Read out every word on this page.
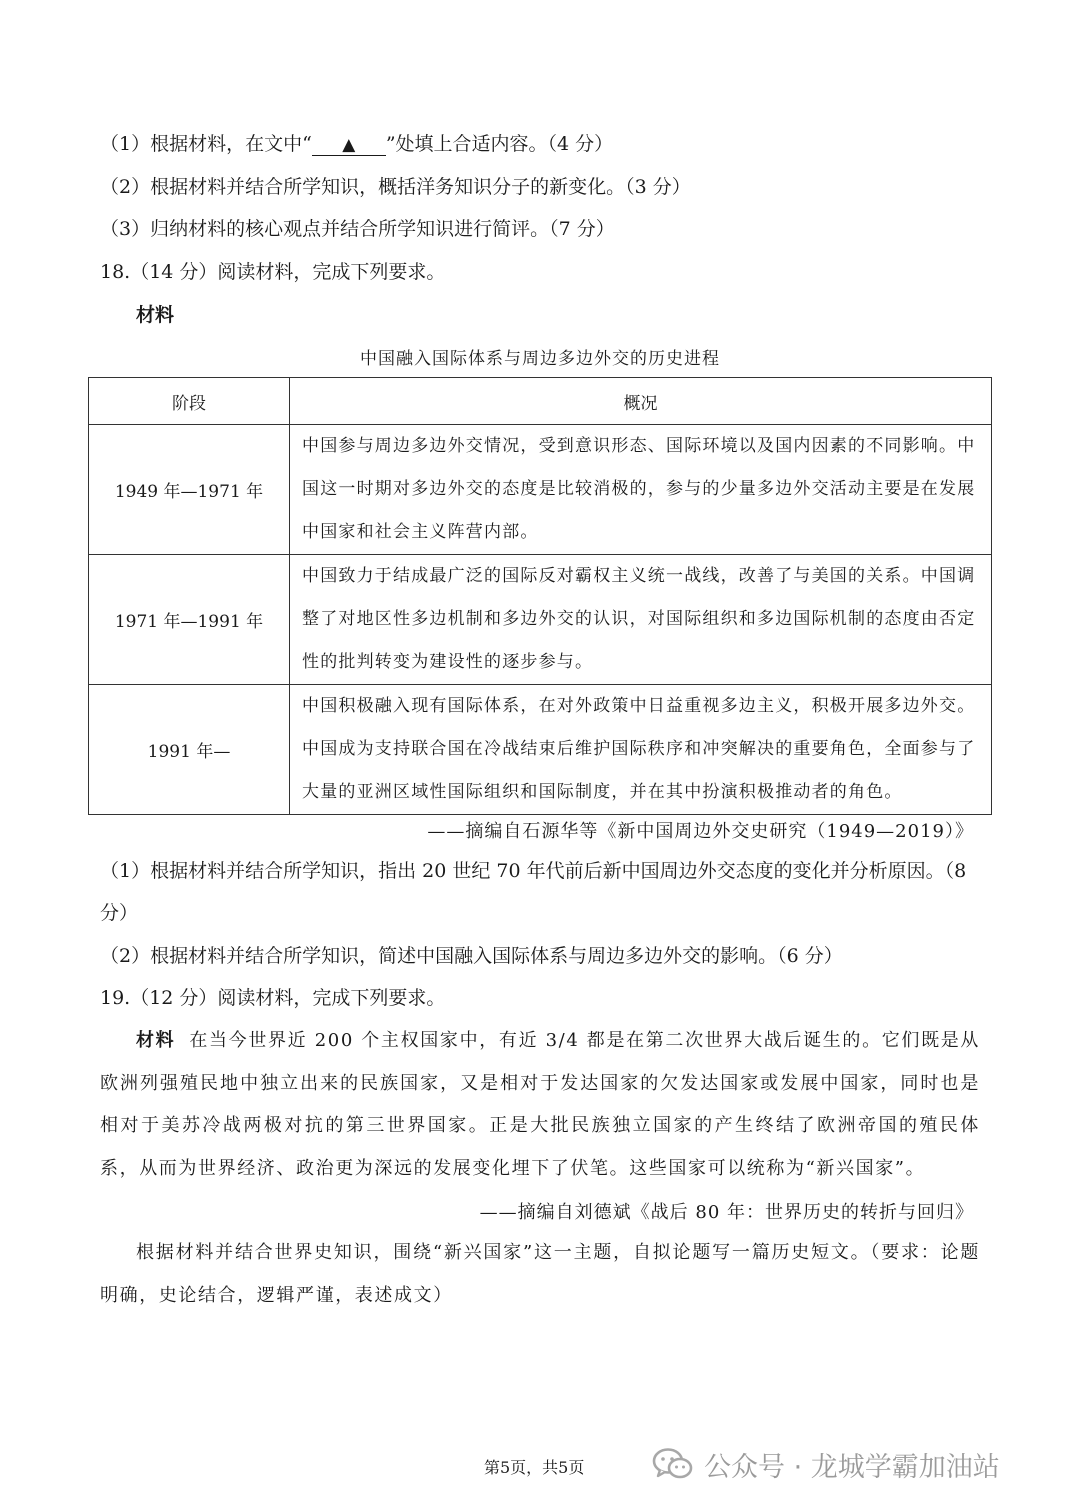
（1）根据材料，在文中“ ▲ ”处填上合适内容。（4 分）
（2）根据材料并结合所学知识，概括洋务知识分子的新变化。（3 分）
（3）归纳材料的核心观点并结合所学知识进行简评。（7 分）
18.（14 分）阅读材料，完成下列要求。
材料
中国融入国际体系与周边多边外交的历史进程
阶段	概况
1949 年—1971 年	中国参与周边多边外交情况，受到意识形态、国际环境以及国内因素的不同影响。中国这一时期对多边外交的态度是比较消极的，参与的少量多边外交活动主要是在发展中国家和社会主义阵营内部。
1971 年—1991 年	中国致力于结成最广泛的国际反对霸权主义统一战线，改善了与美国的关系。中国调整了对地区性多边机制和多边外交的认识，对国际组织和多边国际机制的态度由否定性的批判转变为建设性的逐步参与。
1991 年—	中国积极融入现有国际体系，在对外政策中日益重视多边主义，积极开展多边外交。中国成为支持联合国在冷战结束后维护国际秩序和冲突解决的重要角色，全面参与了大量的亚洲区域性国际组织和国际制度，并在其中扮演积极推动者的角色。
——摘编自石源华等《新中国周边外交史研究（1949—2019）》
（1）根据材料并结合所学知识，指出 20 世纪 70 年代前后新中国周边外交态度的变化并分析原因。（8
分）
（2）根据材料并结合所学知识，简述中国融入国际体系与周边多边外交的影响。（6 分）
19.（12 分）阅读材料，完成下列要求。
材料 在当今世界近 200 个主权国家中，有近 3/4 都是在第二次世界大战后诞生的。它们既是从欧洲列强殖民地中独立出来的民族国家，又是相对于发达国家的欠发达国家或发展中国家，同时也是相对于美苏冷战两极对抗的第三世界国家。正是大批民族独立国家的产生终结了欧洲帝国的殖民体系，从而为世界经济、政治更为深远的发展变化埋下了伏笔。这些国家可以统称为“新兴国家”。
——摘编自刘德斌《战后 80 年：世界历史的转折与回归》
根据材料并结合世界史知识，围绕“新兴国家”这一主题，自拟论题写一篇历史短文。（要求：论题明确，史论结合，逻辑严谨，表述成文）
第5页，共5页	公众号 · 龙城学霸加油站
